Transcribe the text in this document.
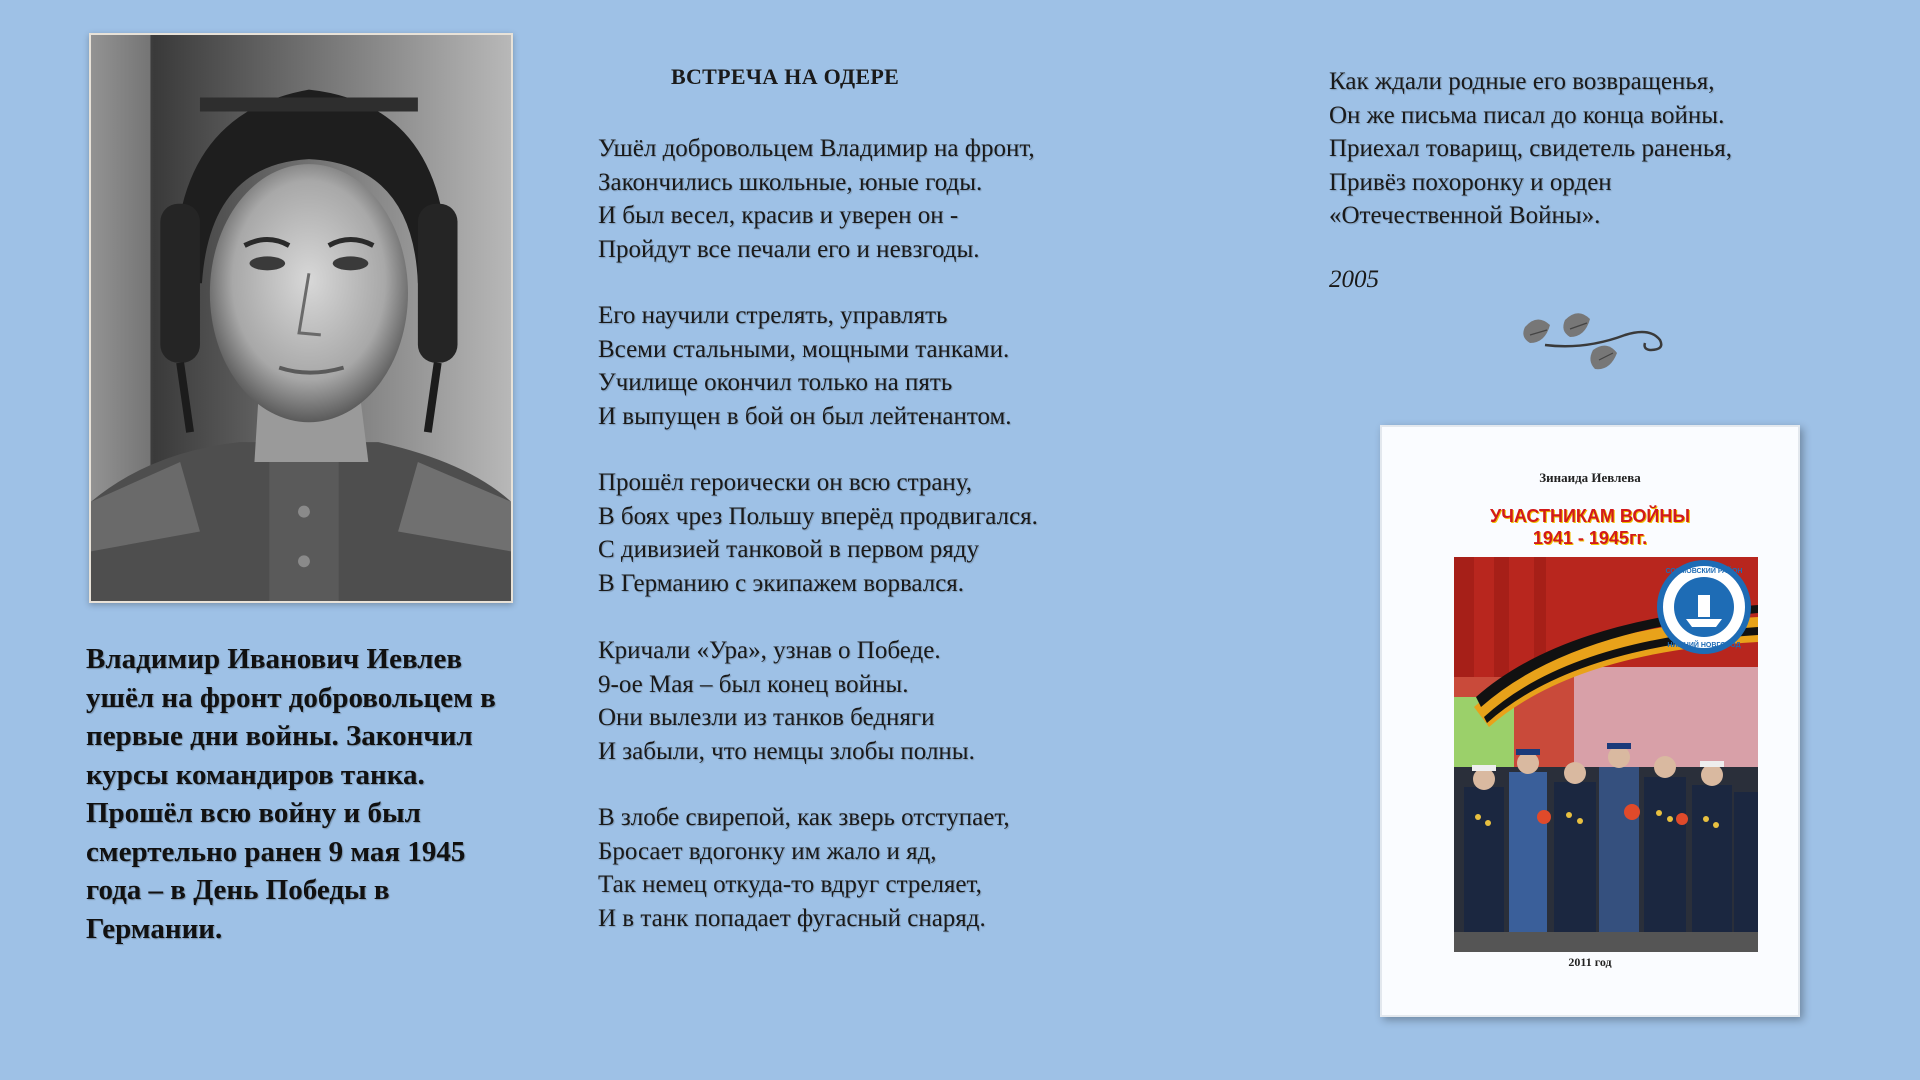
Владимир Иванович Иевлев
ушёл на фронт добровольцем в
первые дни войны. Закончил
курсы командиров танка.
Прошёл всю войну и был
смертельно ранен 9 мая 1945
года – в День Победы в
Германии.
ВСТРЕЧА НА ОДЕРЕ
Ушёл добровольцем Владимир на фронт,
Закончились школьные, юные годы.
И был весел, красив и уверен он -
Пройдут все печали его и невзгоды.
Его научили стрелять, управлять
Всеми стальными, мощными танками.
Училище окончил только на пять
И выпущен в бой он был лейтенантом.
Прошёл героически он всю страну,
В боях чрез Польшу вперёд продвигался.
С дивизией танковой в первом ряду
В Германию с экипажем ворвался.
Кричали «Ура», узнав о Победе.
9-ое Мая – был конец войны.
Они вылезли из танков бедняги
И забыли, что немцы злобы полны.
В злобе свирепой, как зверь отступает,
Бросает вдогонку им жало и яд,
Так немец откуда-то вдруг стреляет,
И в танк попадает фугасный снаряд.
Как ждали родные его возвращенья,
Он же письма писал до конца войны.
Приехал товарищ, свидетель раненья,
Привёз похоронку и орден
«Отечественной Войны».
2005
Зинаида Иевлева
УЧАСТНИКАМ ВОЙНЫ
1941 - 1945гг.
СОРМОВСКИЙ РАЙОН
НИЖНИЙ НОВГОРОД
2011 год
